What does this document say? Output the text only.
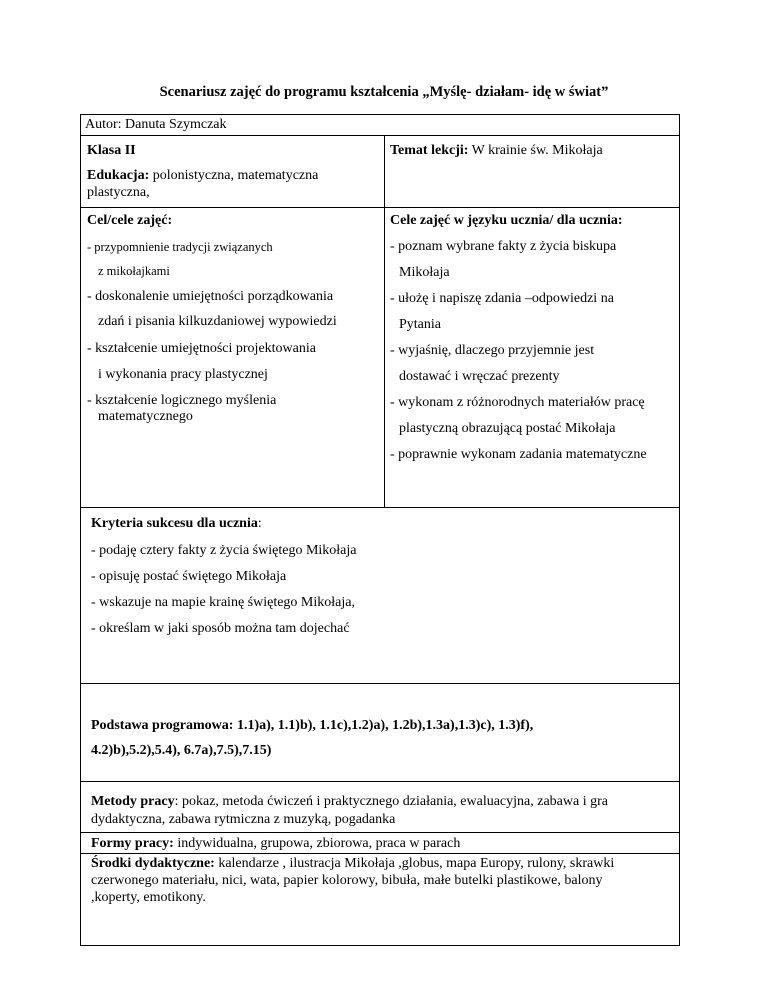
Scenariusz zajęć do programu kształcenia „Myślę- działam- idę w świat”
Autor: Danuta Szymczak
Klasa II	Temat lekcji: W krainie św. Mikołaja
Edukacja: polonistyczna, matematyczna
plastyczna,
Cel/cele zajęć:	Cele zajęć w języku ucznia/ dla ucznia:
- przypomnienie tradycji związanych
z mikołajkami
- doskonalenie umiejętności porządkowania
zdań i pisania kilkuzdaniowej wypowiedzi
- kształcenie umiejętności projektowania
i wykonania pracy plastycznej
- kształcenie logicznego myślenia
matematycznego
- poznam wybrane fakty z życia biskupa
Mikołaja
- ułożę i napiszę zdania –odpowiedzi na
Pytania
- wyjaśnię, dlaczego przyjemnie jest
dostawać i wręczać prezenty
- wykonam z różnorodnych materiałów pracę
plastyczną obrazującą postać Mikołaja
- poprawnie wykonam zadania matematyczne
Kryteria sukcesu dla ucznia:
- podaję cztery fakty z życia świętego Mikołaja
- opisuję postać świętego Mikołaja
- wskazuje na mapie krainę świętego Mikołaja,
- określam w jaki sposób można tam dojechać
Podstawa programowa: 1.1)a), 1.1)b), 1.1c),1.2)a), 1.2b),1.3a),1.3)c), 1.3)f),
4.2)b),5.2),5.4), 6.7a),7.5),7.15)
Metody pracy: pokaz, metoda ćwiczeń i praktycznego działania, ewaluacyjna, zabawa i gra
dydaktyczna, zabawa rytmiczna z muzyką, pogadanka
Formy pracy: indywidualna, grupowa, zbiorowa, praca w parach
Środki dydaktyczne: kalendarze , ilustracja Mikołaja ,globus, mapa Europy, rulony, skrawki
czerwonego materiału, nici, wata, papier kolorowy, bibuła, małe butelki plastikowe, balony
,koperty, emotikony.
